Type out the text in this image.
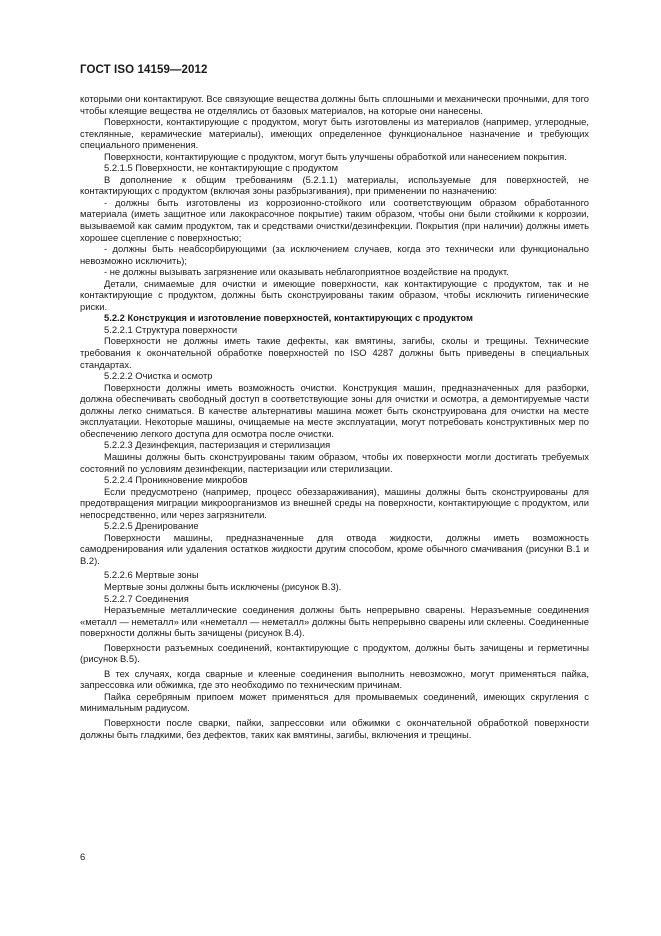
ГОСТ ISO 14159—2012

которыми они контактируют. Все связующие вещества должны быть сплошными и механически прочными, для того чтобы клеящие вещества не отделялись от базовых материалов, на которые они нанесены.

Поверхности, контактирующие с продуктом, могут быть изготовлены из материалов (например, углеродные, стеклянные, керамические материалы), имеющих определенное функциональное назначение и требующих специального применения.

Поверхности, контактирующие с продуктом, могут быть улучшены обработкой или нанесением покрытия.

5.2.1.5 Поверхности, не контактирующие с продуктом

В дополнение к общим требованиям (5.2.1.1) материалы, используемые для поверхностей, не контактирующих с продуктом (включая зоны разбрызгивания), при применении по назначению:

- должны быть изготовлены из коррозионно-стойкого или соответствующим образом обработанного материала (иметь защитное или лакокрасочное покрытие) таким образом, чтобы они были стойкими к коррозии, вызываемой как самим продуктом, так и средствами очистки/дезинфекции. Покрытия (при наличии) должны иметь хорошее сцепление с поверхностью;

- должны быть неабсорбирующими (за исключением случаев, когда это технически или функционально невозможно исключить);

- не должны вызывать загрязнение или оказывать неблагоприятное воздействие на продукт.

Детали, снимаемые для очистки и имеющие поверхности, как контактирующие с продуктом, так и не контактирующие с продуктом, должны быть сконструированы таким образом, чтобы исключить гигиенические риски.

5.2.2 Конструкция и изготовление поверхностей, контактирующих с продуктом

5.2.2.1 Структура поверхности

Поверхности не должны иметь такие дефекты, как вмятины, загибы, сколы и трещины. Технические требования к окончательной обработке поверхностей по ISO 4287 должны быть приведены в специальных стандартах.

5.2.2.2 Очистка и осмотр

Поверхности должны иметь возможность очистки. Конструкция машин, предназначенных для разборки, должна обеспечивать свободный доступ в соответствующие зоны для очистки и осмотра, а демонтируемые части должны легко сниматься. В качестве альтернативы машина может быть сконструирована для очистки на месте эксплуатации. Некоторые машины, очищаемые на месте эксплуатации, могут потребовать конструктивных мер по обеспечению легкого доступа для осмотра после очистки.

5.2.2.3 Дезинфекция, пастеризация и стерилизация

Машины должны быть сконструированы таким образом, чтобы их поверхности могли достигать требуемых состояний по условиям дезинфекции, пастеризации или стерилизации.

5.2.2.4 Проникновение микробов

Если предусмотрено (например, процесс обеззараживания), машины должны быть сконструированы для предотвращения миграции микроорганизмов из внешней среды на поверхности, контактирующие с продуктом, или непосредственно, или через загрязнители.

5.2.2.5 Дренирование

Поверхности машины, предназначенные для отвода жидкости, должны иметь возможность самодренирования или удаления остатков жидкости другим способом, кроме обычного смачивания (рисунки В.1 и В.2).

5.2.2.6 Мертвые зоны

Мертвые зоны должны быть исключены (рисунок В.3).

5.2.2.7 Соединения

Неразъемные металлические соединения должны быть непрерывно сварены. Неразъемные соединения «металл — неметалл» или «неметалл — неметалл» должны быть непрерывно сварены или склеены. Соединенные поверхности должны быть зачищены (рисунок В.4).

Поверхности разъемных соединений, контактирующие с продуктом, должны быть зачищены и герметичны (рисунок В.5).

В тех случаях, когда сварные и клееные соединения выполнить невозможно, могут применяться пайка, запрессовка или обжимка, где это необходимо по техническим причинам.

Пайка серебряным припоем может применяться для промываемых соединений, имеющих скругления с минимальным радиусом.

Поверхности после сварки, пайки, запрессовки или обжимки с окончательной обработкой поверхности должны быть гладкими, без дефектов, таких как вмятины, загибы, включения и трещины.

6
